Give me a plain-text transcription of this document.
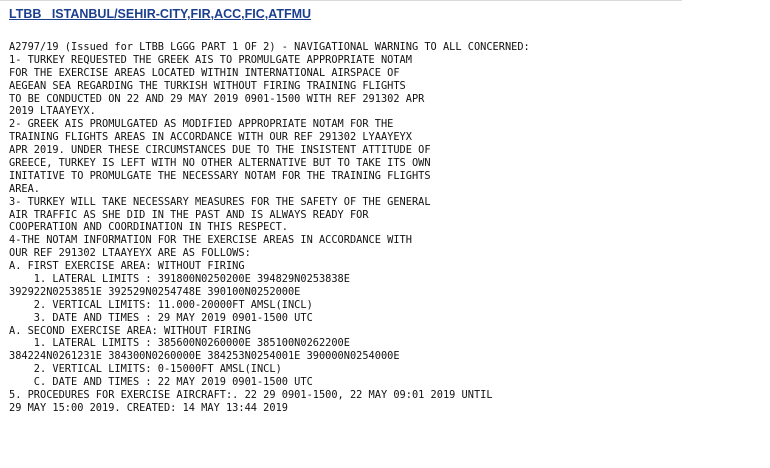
LTBB   ISTANBUL/SEHIR-CITY,FIR,ACC,FIC,ATFMU
A2797/19 (Issued for LTBB LGGG PART 1 OF 2) - NAVIGATIONAL WARNING TO ALL CONCERNED:
1- TURKEY REQUESTED THE GREEK AIS TO PROMULGATE APPROPRIATE NOTAM
FOR THE EXERCISE AREAS LOCATED WITHIN INTERNATIONAL AIRSPACE OF
AEGEAN SEA REGARDING THE TURKISH WITHOUT FIRING TRAINING FLIGHTS
TO BE CONDUCTED ON 22 AND 29 MAY 2019 0901-1500 WITH REF 291302 APR
2019 LTAAYEYX.
2- GREEK AIS PROMULGATED AS MODIFIED APPROPRIATE NOTAM FOR THE
TRAINING FLIGHTS AREAS IN ACCORDANCE WITH OUR REF 291302 LYAAYEYX
APR 2019. UNDER THESE CIRCUMSTANCES DUE TO THE INSISTENT ATTITUDE OF
GREECE, TURKEY IS LEFT WITH NO OTHER ALTERNATIVE BUT TO TAKE ITS OWN
INITATIVE TO PROMULGATE THE NECESSARY NOTAM FOR THE TRAINING FLIGHTS
AREA.
3- TURKEY WILL TAKE NECESSARY MEASURES FOR THE SAFETY OF THE GENERAL
AIR TRAFFIC AS SHE DID IN THE PAST AND IS ALWAYS READY FOR
COOPERATION AND COORDINATION IN THIS RESPECT.
4-THE NOTAM INFORMATION FOR THE EXERCISE AREAS IN ACCORDANCE WITH
OUR REF 291302 LTAAYEYX ARE AS FOLLOWS:
A. FIRST EXERCISE AREA: WITHOUT FIRING
1. LATERAL LIMITS : 391800N0250200E 394829N0253838E
392922N0253851E 392529N0254748E 390100N0252000E
2. VERTICAL LIMITS: 11.000-20000FT AMSL(INCL)
3. DATE AND TIMES : 29 MAY 2019 0901-1500 UTC
A. SECOND EXERCISE AREA: WITHOUT FIRING
1. LATERAL LIMITS : 385600N0260000E 385100N0262200E
384224N0261231E 384300N0260000E 384253N0254001E 390000N0254000E
2. VERTICAL LIMITS: 0-15000FT AMSL(INCL)
C. DATE AND TIMES : 22 MAY 2019 0901-1500 UTC
5. PROCEDURES FOR EXERCISE AIRCRAFT:. 22 29 0901-1500, 22 MAY 09:01 2019 UNTIL
29 MAY 15:00 2019. CREATED: 14 MAY 13:44 2019
